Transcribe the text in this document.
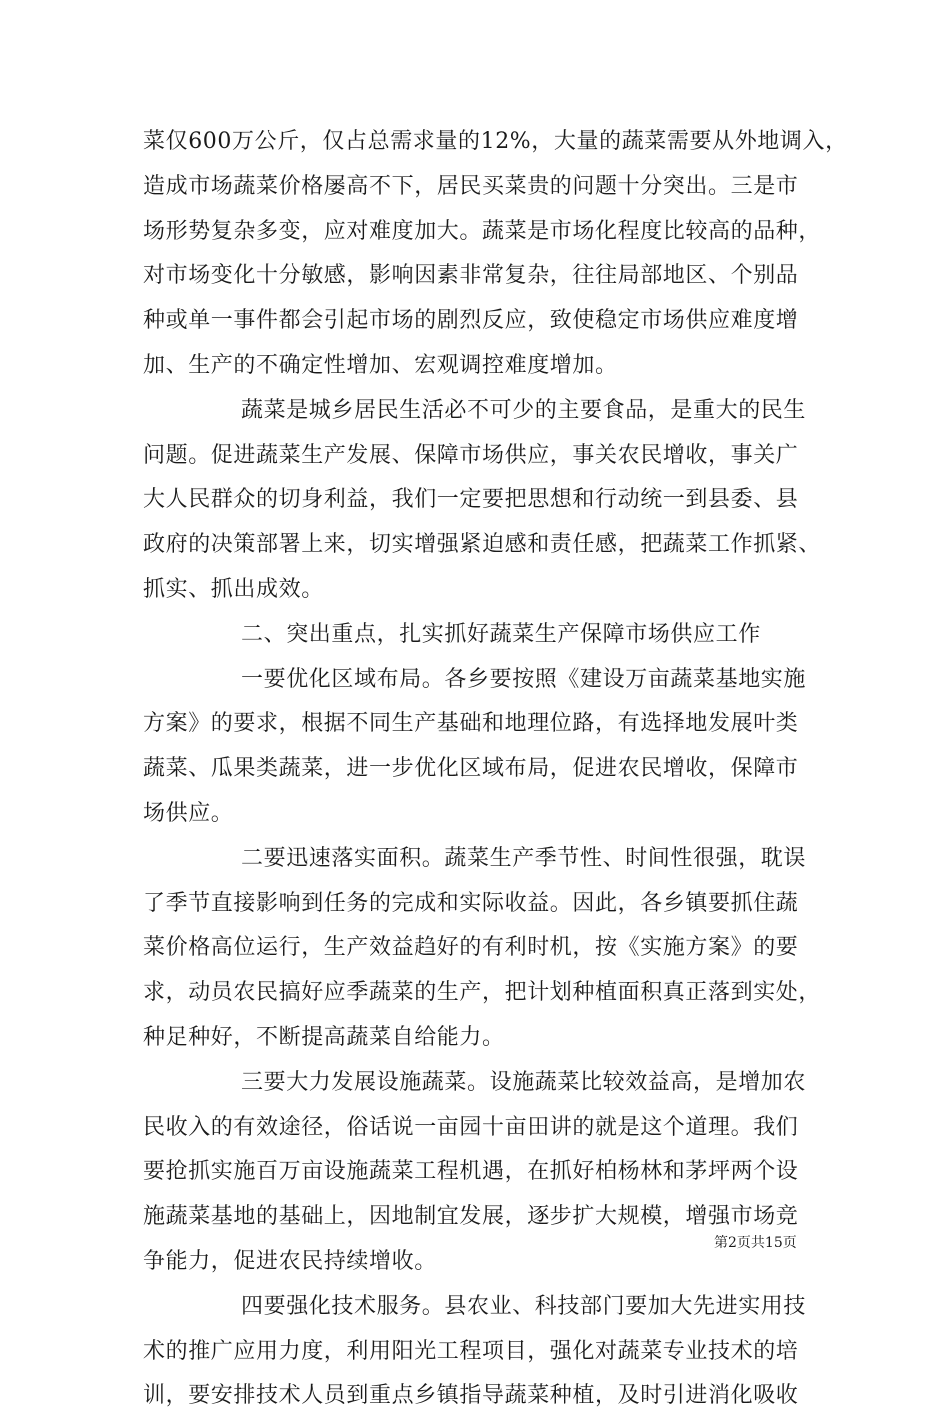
菜仅600万公斤，仅占总需求量的12%，大量的蔬菜需要从外地调入，
造成市场蔬菜价格屡高不下，居民买菜贵的问题十分突出。三是市
场形势复杂多变，应对难度加大。蔬菜是市场化程度比较高的品种，
对市场变化十分敏感，影响因素非常复杂，往往局部地区、个别品
种或单一事件都会引起市场的剧烈反应，致使稳定市场供应难度增
加、生产的不确定性增加、宏观调控难度增加。
蔬菜是城乡居民生活必不可少的主要食品，是重大的民生
问题。促进蔬菜生产发展、保障市场供应，事关农民增收，事关广
大人民群众的切身利益，我们一定要把思想和行动统一到县委、县
政府的决策部署上来，切实增强紧迫感和责任感，把蔬菜工作抓紧、
抓实、抓出成效。
二、突出重点，扎实抓好蔬菜生产保障市场供应工作
一要优化区域布局。各乡要按照《建设万亩蔬菜基地实施
方案》的要求，根据不同生产基础和地理位路，有选择地发展叶类
蔬菜、瓜果类蔬菜，进一步优化区域布局，促进农民增收，保障市
场供应。
二要迅速落实面积。蔬菜生产季节性、时间性很强，耽误
了季节直接影响到任务的完成和实际收益。因此，各乡镇要抓住蔬
菜价格高位运行，生产效益趋好的有利时机，按《实施方案》的要
求，动员农民搞好应季蔬菜的生产，把计划种植面积真正落到实处，
种足种好，不断提高蔬菜自给能力。
三要大力发展设施蔬菜。设施蔬菜比较效益高，是增加农
民收入的有效途径，俗话说一亩园十亩田讲的就是这个道理。我们
要抢抓实施百万亩设施蔬菜工程机遇，在抓好柏杨林和茅坪两个设
施蔬菜基地的基础上，因地制宜发展，逐步扩大规模，增强市场竞
争能力，促进农民持续增收。
四要强化技术服务。县农业、科技部门要加大先进实用技
术的推广应用力度，利用阳光工程项目，强化对蔬菜专业技术的培
训，要安排技术人员到重点乡镇指导蔬菜种植，及时引进消化吸收
第2页共15页
